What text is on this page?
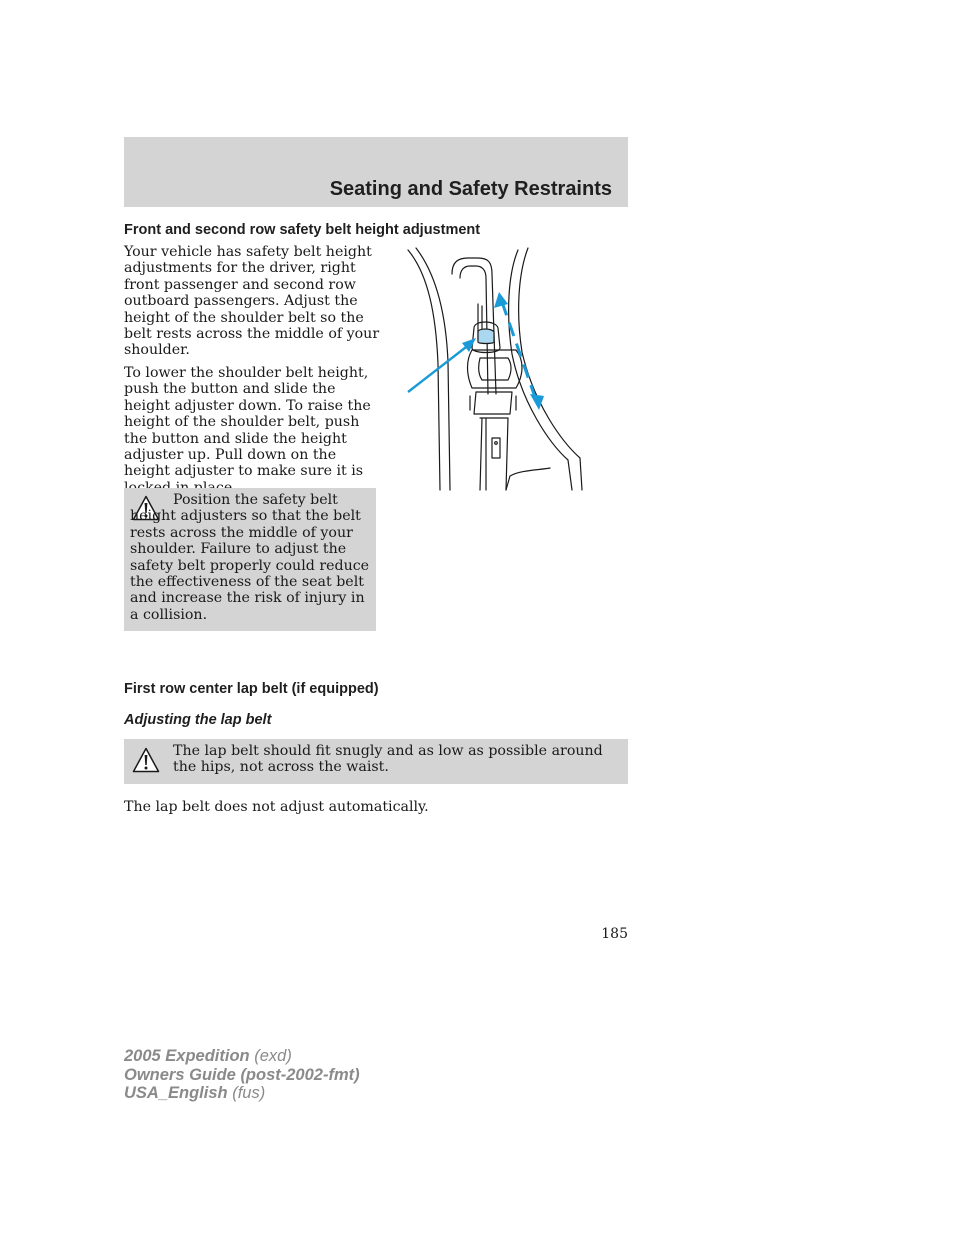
Seating and Safety Restraints
Front and second row safety belt height adjustment

Your vehicle has safety belt height adjustments for the driver, right front passenger and second row outboard passengers. Adjust the height of the shoulder belt so the belt rests across the middle of your shoulder.

To lower the shoulder belt height, push the button and slide the height adjuster down. To raise the height of the shoulder belt, push the button and slide the height adjuster up. Pull down on the height adjuster to make sure it is

Position the safety belt height adjusters so that the belt rests across the middle of your shoulder. Failure to adjust the safety belt properly could reduce the effectiveness of the seat belt and increase the risk of injury in a collision.

First row center lap belt (if equipped)
Adjusting the lap belt

The lap belt should fit snugly and as low as possible around the hips, not across the waist.

The lap belt does not adjust automatically.

185
2005 Expedition (exd)
Owners Guide (post-2002-fmt)
USA_English (fus)
